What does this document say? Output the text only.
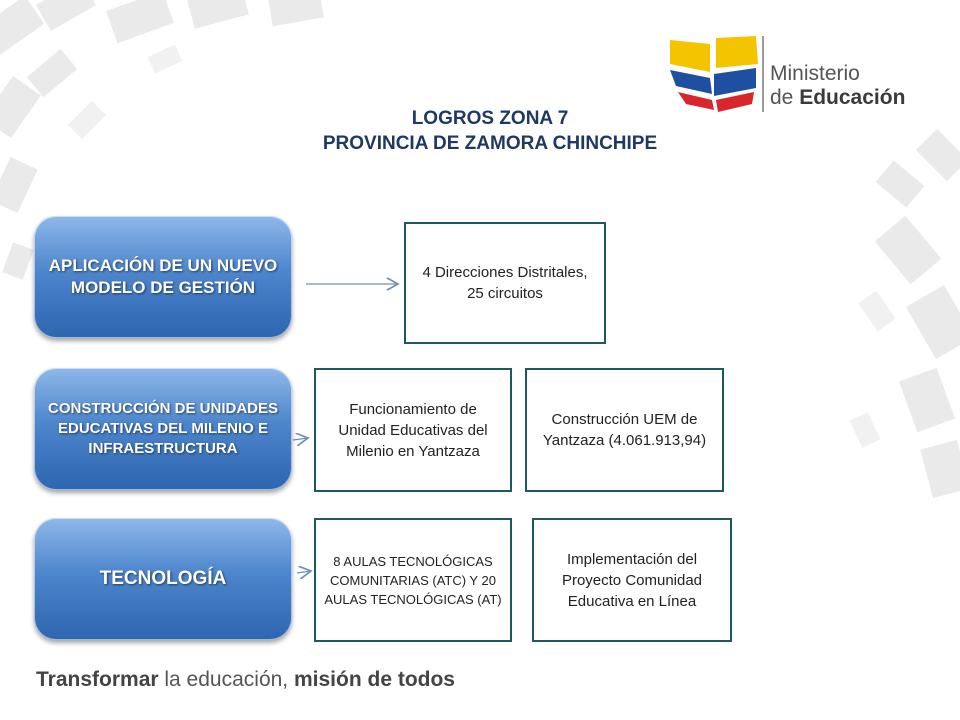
Ministerio
de Educación
LOGROS ZONA 7
PROVINCIA DE ZAMORA CHINCHIPE
APLICACIÓN DE UN NUEVO MODELO DE GESTIÓN
4 Direcciones Distritales, 25 circuitos
CONSTRUCCIÓN DE UNIDADES EDUCATIVAS DEL MILENIO E INFRAESTRUCTURA
Funcionamiento de Unidad Educativas del Milenio en Yantzaza
Construcción UEM de Yantzaza (4.061.913,94)
TECNOLOGÍA
8 AULAS TECNOLÓGICAS COMUNITARIAS (ATC) Y 20 AULAS TECNOLÓGICAS (AT)
Implementación del Proyecto Comunidad Educativa en Línea
Transformar la educación, misión de todos
